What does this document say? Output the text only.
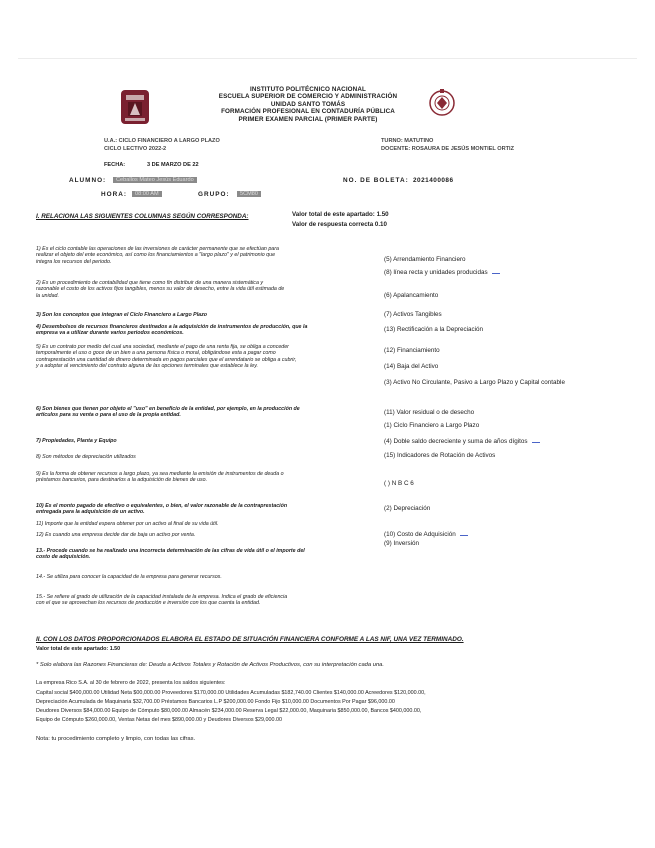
INSTITUTO POLITÉCNICO NACIONAL
ESCUELA SUPERIOR DE COMERCIO Y ADMINISTRACIÓN
UNIDAD SANTO TOMÁS
FORMACIÓN PROFESIONAL EN CONTADURÍA PÚBLICA
PRIMER EXAMEN PARCIAL (PRIMER PARTE)
U.A.: CICLO FINANCIERO A LARGO PLAZO
CICLO LECTIVO 2022-2
TURNO: MATUTINO
DOCENTE: ROSAURA DE JESÚS MONTIEL ORTIZ
FECHA:	3 DE MARZO DE 22
ALUMNO:	Ceballos Mateo Jesús Eduardo	NO. DE BOLETA: 2021400086
HORA:	08:00 AM	GRUPO:	5CM80
I. RELACIONA LAS SIGUIENTES COLUMNAS SEGÚN CORRESPONDA:	Valor total de este apartado: 1.50
Valor de respuesta correcta 0.10
1) Es el ciclo contable las operaciones de las inversiones de carácter permanente que se efectúan para
realizar el objeto del ente económico, así como los financiamientos a "largo plazo" y el patrimonio que
integra los recursos del periodo.
2) Es un procedimiento de contabilidad que tiene como fin distribuir de una manera sistemática y
razonable el costo de los activos fijos tangibles, menos su valor de desecho, entre la vida útil estimada de
la unidad.
3) Son los conceptos que integran el Ciclo Financiero a Largo Plazo
4) Desembolsos de recursos financieros destinados a la adquisición de instrumentos de producción, que la
empresa va a utilizar durante varios periodos económicos.
5) Es un contrato por medio del cual una sociedad, mediante el pago de una renta fija, se obliga a conceder
temporalmente el uso o goce de un bien a una persona física o moral, obligándose esta a pagar como
contraprestación una cantidad de dinero determinada en pagos parciales que el arrendatario se obliga a cubrir,
y a adoptar al vencimiento del contrato alguna de las opciones terminales que establece la ley.
6) Son bienes que tienen por objeto el "uso" en beneficio de la entidad, por ejemplo, en la producción de
artículos para su venta o para el uso de la propia entidad.
7) Propiedades, Planta y Equipo
8) Son métodos de depreciación utilizados
9) Es la forma de obtener recursos a largo plazo, ya sea mediante la emisión de instrumentos de deuda o
préstamos bancarios, para destinarlos a la adquisición de bienes de uso.
10) Es el monto pagado de efectivo o equivalentes, o bien, el valor razonable de la contraprestación
entregada para la adquisición de un activo.
11) Importe que la entidad espera obtener por un activo al final de su vida útil.
12) Es cuando una empresa decide dar de baja un activo por venta.
13.- Procede cuando se ha realizado una incorrecta determinación de las cifras de vida útil o el importe del
costo de adquisición.
14.- Se utiliza para conocer la capacidad de la empresa para generar recursos.
15.- Se refiere al grado de utilización de la capacidad instalada de la empresa. Indica el grado de eficiencia
con el que se aprovechan los recursos de producción e inversión con los que cuenta la entidad.
(5) Arrendamiento Financiero
(8) línea recta y unidades producidas
(6) Apalancamiento
(7) Activos Tangibles
(13) Rectificación a la Depreciación
(12) Financiamiento
(14) Baja del Activo
(3) Activo No Circulante, Pasivo a Largo Plazo y Capital contable
(11) Valor residual o de desecho
(1) Ciclo Financiero a Largo Plazo
(4) Doble saldo decreciente y suma de años dígitos
(15) Indicadores de Rotación de Activos
( ) N B C 6
(2) Depreciación
(10) Costo de Adquisición
(9) Inversión
II. CON LOS DATOS PROPORCIONADOS ELABORA EL ESTADO DE SITUACIÓN FINANCIERA CONFORME A LAS NIF, UNA VEZ TERMINADO.
Valor total de este apartado: 1.50
* Solo elabora las Razones Financieras de: Deuda a Activos Totales y Rotación de Activos Productivos, con su interpretación cada una.
La empresa Rico S.A. al 30 de febrero de 2022, presenta los saldos siguientes:
Capital social $400,000.00 Utilidad Neta $00,000.00 Proveedores $170,000.00 Utilidades Acumuladas $182,740.00 Clientes $140,000.00 Acreedores $120,000.00,
Depreciación Acumulada de Maquinaria $32,700.00 Préstamos Bancarios L.P $200,000.00 Fondo Fijo $10,000.00 Documentos Por Pagar $96,000.00
Deudores Diversos $84,000.00 Equipo de Cómputo $80,000.00 Almacén $234,000.00 Reserva Legal $22,000.00, Maquinaria $850,000.00, Bancos $400,000.00,
Equipo de Cómputo $260,000.00, Ventas Netas del mes $890,000.00 y Deudores Diversos $29,000.00
Nota: tu procedimiento completo y limpio, con todas las cifras.
